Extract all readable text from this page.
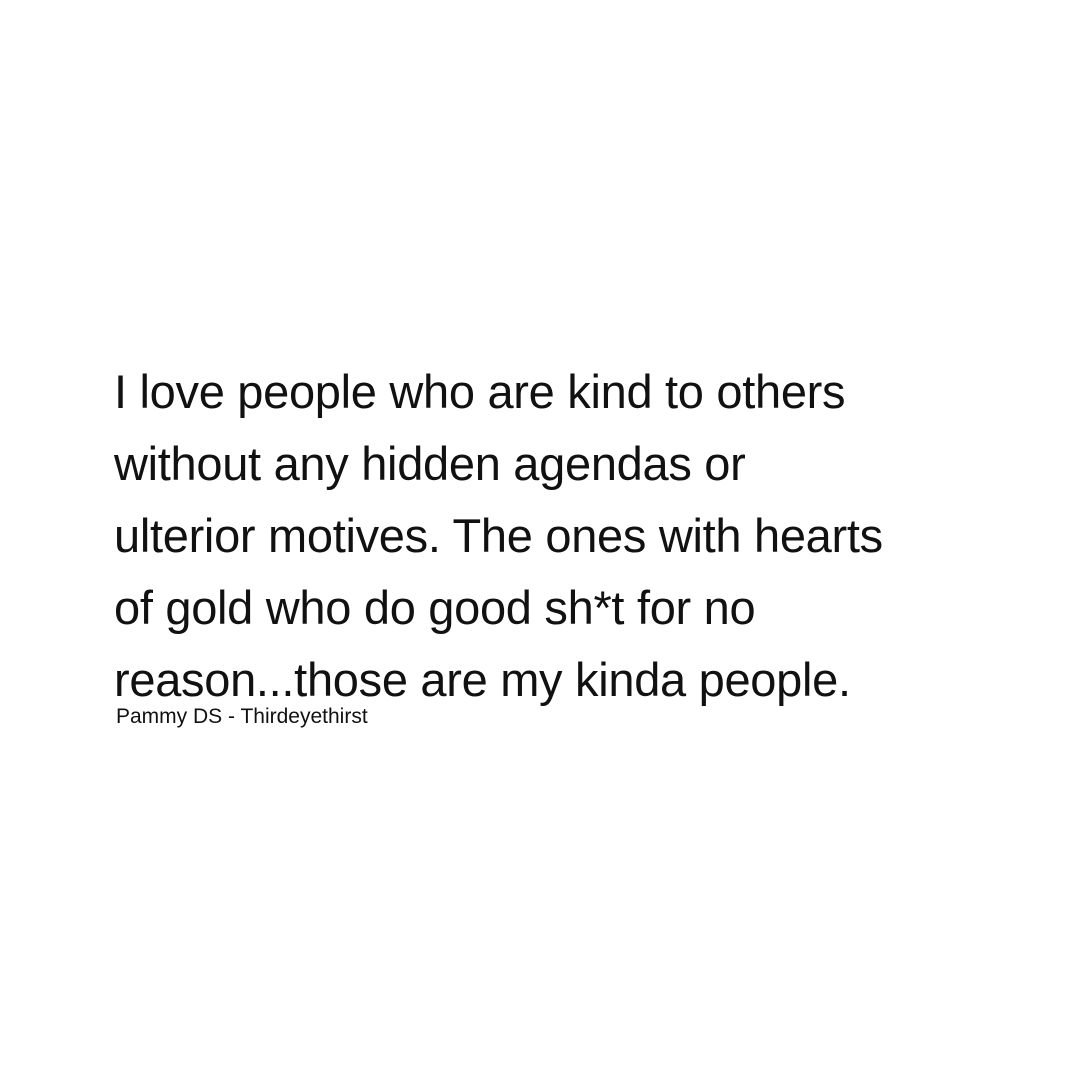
I love people who are kind to others
without any hidden agendas or
ulterior motives. The ones with hearts
of gold who do good sh*t for no
reason...those are my kinda people.

Pammy DS - Thirdeyethirst
